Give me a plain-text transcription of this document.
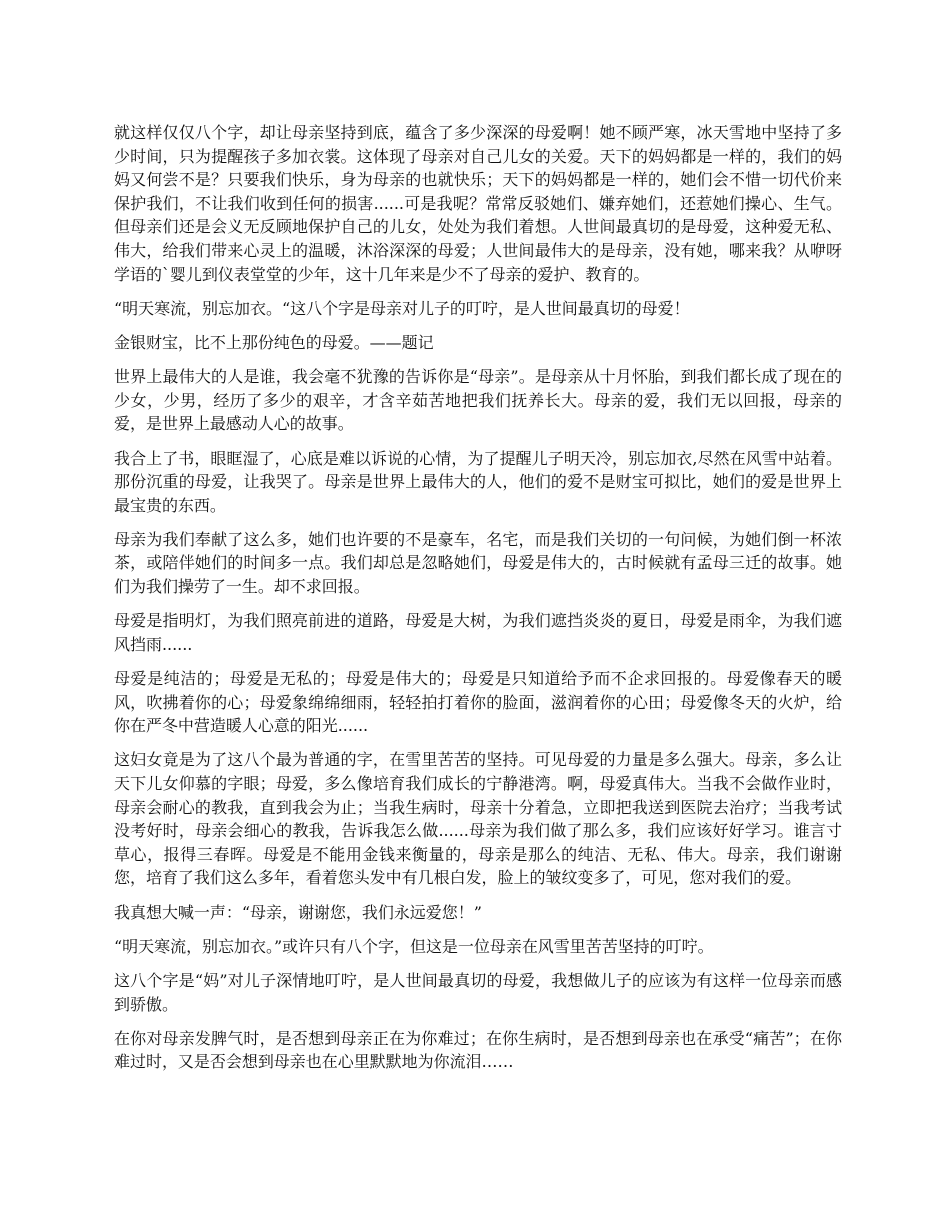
就这样仅仅八个字，却让母亲坚持到底，蕴含了多少深深的母爱啊！她不顾严寒，冰天雪地中坚持了多少时间，只为提醒孩子多加衣裳。这体现了母亲对自己儿女的关爱。天下的妈妈都是一样的，我们的妈妈又何尝不是？只要我们快乐，身为母亲的也就快乐；天下的妈妈都是一样的，她们会不惜一切代价来保护我们，不让我们收到任何的损害......可是我呢？常常反驳她们、嫌弃她们，还惹她们操心、生气。但母亲们还是会义无反顾地保护自己的儿女，处处为我们着想。人世间最真切的是母爱，这种爱无私、伟大，给我们带来心灵上的温暖，沐浴深深的母爱；人世间最伟大的是母亲，没有她，哪来我？从咿呀学语的`婴儿到仪表堂堂的少年，这十几年来是少不了母亲的爱护、教育的。

“明天寒流，别忘加衣。“这八个字是母亲对儿子的叮咛，是人世间最真切的母爱！

金银财宝，比不上那份纯色的母爱。——题记

世界上最伟大的人是谁，我会毫不犹豫的告诉你是“母亲”。是母亲从十月怀胎，到我们都长成了现在的少女，少男，经历了多少的艰辛，才含辛茹苦地把我们抚养长大。母亲的爱，我们无以回报，母亲的爱，是世界上最感动人心的故事。

我合上了书，眼眶湿了，心底是难以诉说的心情，为了提醒儿子明天冷，别忘加衣,尽然在风雪中站着。那份沉重的母爱，让我哭了。母亲是世界上最伟大的人，他们的爱不是财宝可拟比，她们的爱是世界上最宝贵的东西。

母亲为我们奉献了这么多，她们也许要的不是豪车，名宅，而是我们关切的一句问候，为她们倒一杯浓茶，或陪伴她们的时间多一点。我们却总是忽略她们，母爱是伟大的，古时候就有孟母三迁的故事。她们为我们操劳了一生。却不求回报。

母爱是指明灯，为我们照亮前进的道路，母爱是大树，为我们遮挡炎炎的夏日，母爱是雨伞，为我们遮风挡雨......

母爱是纯洁的；母爱是无私的；母爱是伟大的；母爱是只知道给予而不企求回报的。母爱像春天的暖风，吹拂着你的心；母爱象绵绵细雨，轻轻拍打着你的脸面，滋润着你的心田；母爱像冬天的火炉，给你在严冬中营造暖人心意的阳光......

这妇女竟是为了这八个最为普通的字，在雪里苦苦的坚持。可见母爱的力量是多么强大。母亲，多么让天下儿女仰慕的字眼；母爱，多么像培育我们成长的宁静港湾。啊，母爱真伟大。当我不会做作业时，母亲会耐心的教我，直到我会为止；当我生病时，母亲十分着急，立即把我送到医院去治疗；当我考试没考好时，母亲会细心的教我，告诉我怎么做......母亲为我们做了那么多，我们应该好好学习。谁言寸草心，报得三春晖。母爱是不能用金钱来衡量的，母亲是那么的纯洁、无私、伟大。母亲，我们谢谢您，培育了我们这么多年，看着您头发中有几根白发，脸上的皱纹变多了，可见，您对我们的爱。

我真想大喊一声：“母亲，谢谢您，我们永远爱您！”

“明天寒流，别忘加衣。”或许只有八个字，但这是一位母亲在风雪里苦苦坚持的叮咛。

这八个字是“妈”对儿子深情地叮咛，是人世间最真切的母爱，我想做儿子的应该为有这样一位母亲而感到骄傲。

在你对母亲发脾气时，是否想到母亲正在为你难过；在你生病时，是否想到母亲也在承受“痛苦”；在你难过时，又是否会想到母亲也在心里默默地为你流泪……
